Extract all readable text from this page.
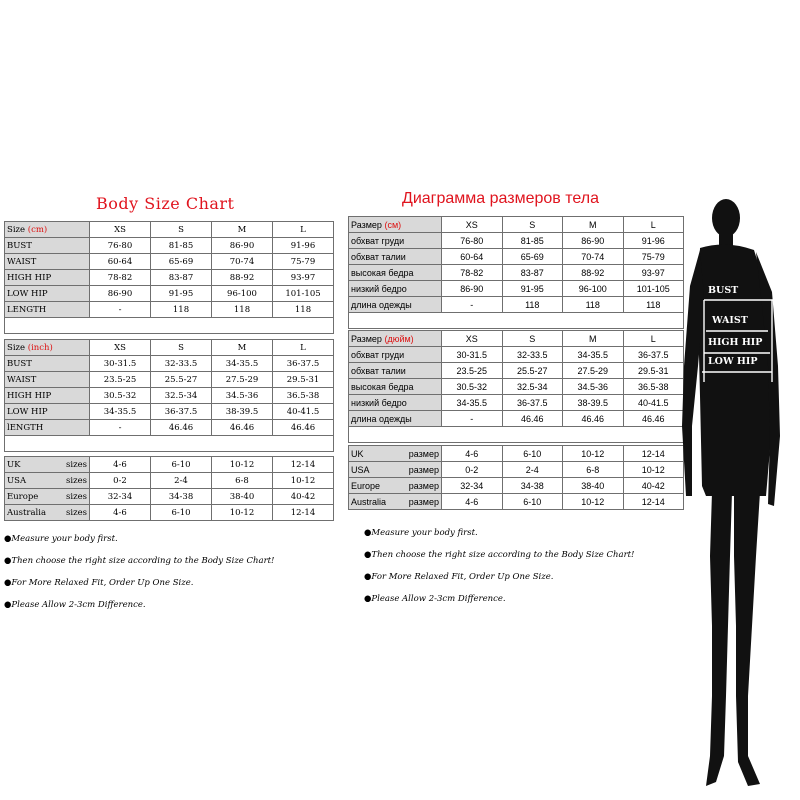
Body Size Chart
Size (cm)	XS	S	M	L
BUST	76-80	81-85	86-90	91-96
WAIST	60-64	65-69	70-74	75-79
HIGH HIP	78-82	83-87	88-92	93-97
LOW HIP	86-90	91-95	96-100	101-105
LENGTH	-	118	118	118

Size (inch)	XS	S	M	L
BUST	30-31.5	32-33.5	34-35.5	36-37.5
WAIST	23.5-25	25.5-27	27.5-29	29.5-31
HIGH HIP	30.5-32	32.5-34	34.5-36	36.5-38
LOW HIP	34-35.5	36-37.5	38-39.5	40-41.5
lENGTH	-	46.46	46.46	46.46

UK sizes	4-6	6-10	10-12	12-14

USA sizes	0-2	2-4	6-8	10-12

Europe sizes	32-34	34-38	38-40	40-42

Australia sizes	4-6	6-10	10-12	12-14
●Measure your body first.
●Then choose the right size according to the Body Size Chart!
●For More Relaxed Fit, Order Up One Size.
●Please Allow 2-3cm Difference.
Диаграмма размеров тела
Размер (см)	XS	S	M	L
обхват груди	76-80	81-85	86-90	91-96
обхват талии	60-64	65-69	70-74	75-79
высокая бедра	78-82	83-87	88-92	93-97
низкий бедро	86-90	91-95	96-100	101-105
длина одежды	-	118	118	118

Размер (дюйм)	XS	S	M	L
обхват груди	30-31.5	32-33.5	34-35.5	36-37.5
обхват талии	23.5-25	25.5-27	27.5-29	29.5-31
высокая бедра	30.5-32	32.5-34	34.5-36	36.5-38
низкий бедро	34-35.5	36-37.5	38-39.5	40-41.5
длина одежды	-	46.46	46.46	46.46

UK размер	4-6	6-10	10-12	12-14

USA размер	0-2	2-4	6-8	10-12

Europe размер	32-34	34-38	38-40	40-42

Australia размер	4-6	6-10	10-12	12-14
●Measure your body first.
●Then choose the right size according to the Body Size Chart!
●For More Relaxed Fit, Order Up One Size.
●Please Allow 2-3cm Difference.
BUST
WAIST
HIGH HIP
LOW HIP
